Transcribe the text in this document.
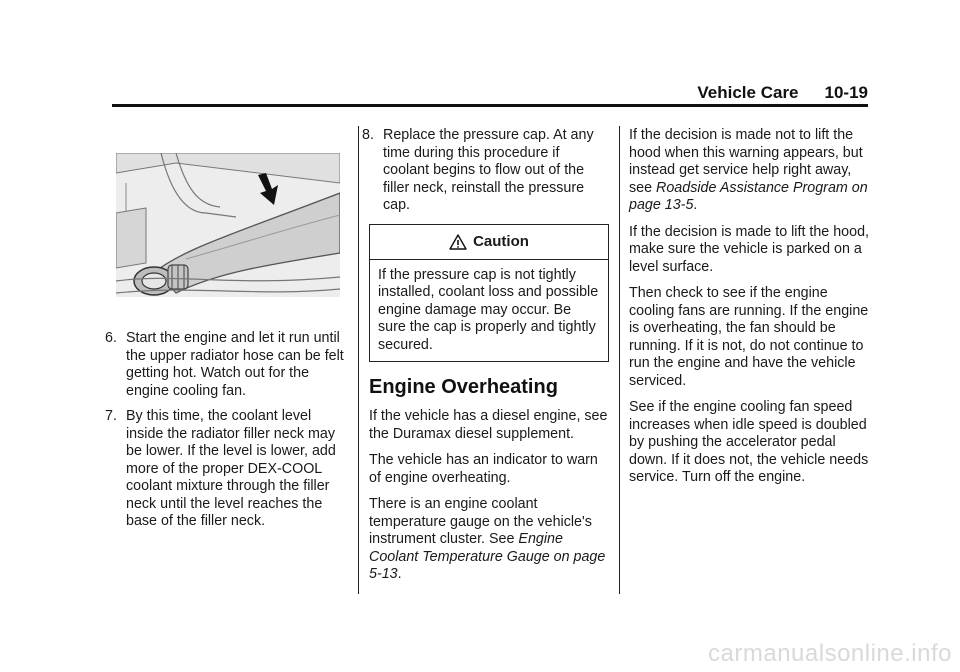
Vehicle Care 10-19
6. Start the engine and let it run until the upper radiator hose can be felt getting hot. Watch out for the engine cooling fan.
7. By this time, the coolant level inside the radiator filler neck may be lower. If the level is lower, add more of the proper DEX-COOL coolant mixture through the filler neck until the level reaches the base of the filler neck.
8. Replace the pressure cap. At any time during this procedure if coolant begins to flow out of the filler neck, reinstall the pressure cap.
Caution
If the pressure cap is not tightly installed, coolant loss and possible engine damage may occur. Be sure the cap is properly and tightly secured.
Engine Overheating

If the vehicle has a diesel engine, see the Duramax diesel supplement.

The vehicle has an indicator to warn of engine overheating.

There is an engine coolant temperature gauge on the vehicle's instrument cluster. See Engine Coolant Temperature Gauge on page 5-13.

If the decision is made not to lift the hood when this warning appears, but instead get service help right away, see Roadside Assistance Program on page 13-5.

If the decision is made to lift the hood, make sure the vehicle is parked on a level surface.

Then check to see if the engine cooling fans are running. If the engine is overheating, the fan should be running. If it is not, do not continue to run the engine and have the vehicle serviced.

See if the engine cooling fan speed increases when idle speed is doubled by pushing the accelerator pedal down. If it does not, the vehicle needs service. Turn off the engine.

carmanualsonline.info
